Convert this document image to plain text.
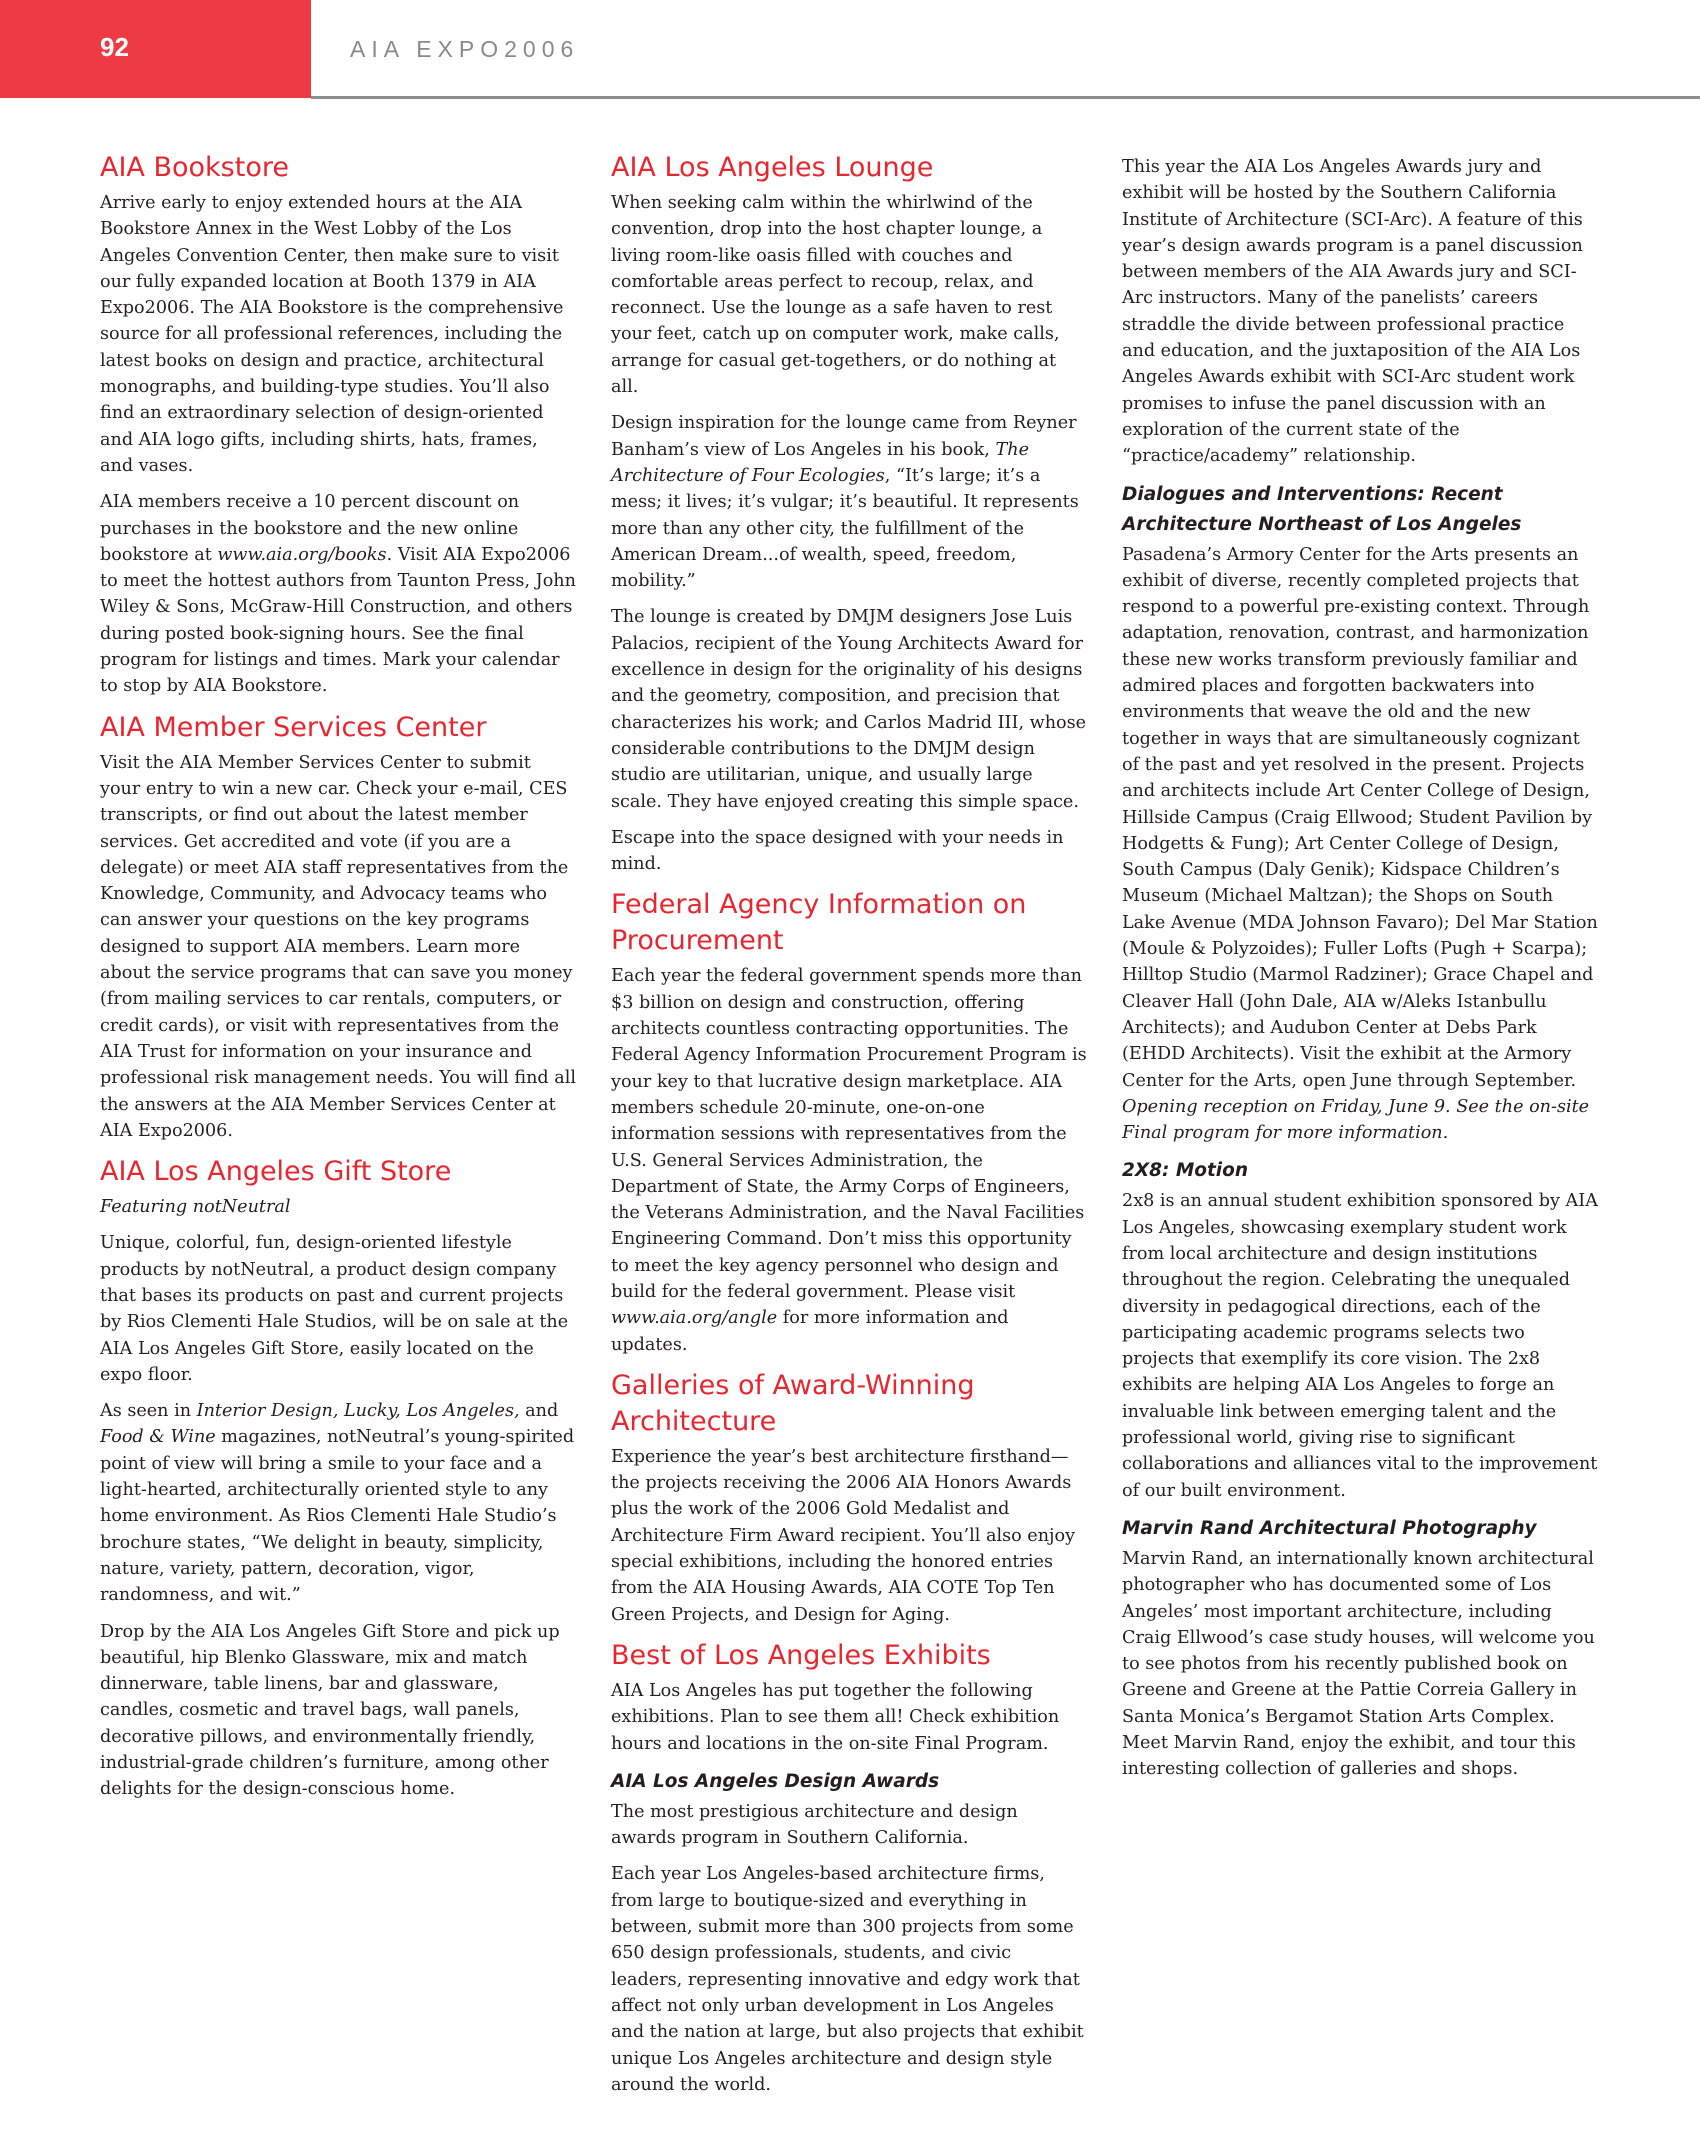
92	AIA EXPO2006
AIA Bookstore

Arrive early to enjoy extended hours at the AIA Bookstore Annex in the West Lobby of the Los Angeles Convention Center, then make sure to visit our fully expanded location at Booth 1379 in AIA Expo2006. The AIA Bookstore is the comprehensive source for all professional references, including the latest books on design and practice, architectural monographs, and building-type studies. You’ll also find an extraordinary selection of design-oriented and AIA logo gifts, including shirts, hats, frames, and vases.

AIA members receive a 10 percent discount on purchases in the bookstore and the new online bookstore at www.aia.org/books. Visit AIA Expo2006 to meet the hottest authors from Taunton Press, John Wiley & Sons, McGraw-Hill Construction, and others during posted book-signing hours. See the final program for listings and times. Mark your calendar to stop by AIA Bookstore.

AIA Member Services Center

Visit the AIA Member Services Center to submit your entry to win a new car. Check your e-mail, CES transcripts, or find out about the latest member services. Get accredited and vote (if you are a delegate) or meet AIA staff representatives from the Knowledge, Community, and Advocacy teams who can answer your questions on the key programs designed to support AIA members. Learn more about the service programs that can save you money (from mailing services to car rentals, computers, or credit cards), or visit with representatives from the AIA Trust for information on your insurance and professional risk management needs. You will find all the answers at the AIA Member Services Center at AIA Expo2006.

AIA Los Angeles Gift Store

Featuring notNeutral

Unique, colorful, fun, design-oriented lifestyle products by notNeutral, a product design company that bases its products on past and current projects by Rios Clementi Hale Studios, will be on sale at the AIA Los Angeles Gift Store, easily located on the expo floor.

As seen in Interior Design, Lucky, Los Angeles, and Food & Wine magazines, notNeutral’s young-spirited point of view will bring a smile to your face and a light-hearted, architecturally oriented style to any home environment. As Rios Clementi Hale Studio’s brochure states, “We delight in beauty, simplicity, nature, variety, pattern, decoration, vigor, randomness, and wit.”

Drop by the AIA Los Angeles Gift Store and pick up beautiful, hip Blenko Glassware, mix and match dinnerware, table linens, bar and glassware, candles, cosmetic and travel bags, wall panels, decorative pillows, and environmentally friendly, industrial-grade children’s furniture, among other delights for the design-conscious home.

AIA Los Angeles Lounge

When seeking calm within the whirlwind of the convention, drop into the host chapter lounge, a living room-like oasis filled with couches and comfortable areas perfect to recoup, relax, and reconnect. Use the lounge as a safe haven to rest your feet, catch up on computer work, make calls, arrange for casual get-togethers, or do nothing at all.

Design inspiration for the lounge came from Reyner Banham’s view of Los Angeles in his book, The Architecture of Four Ecologies, “It’s large; it’s a mess; it lives; it’s vulgar; it’s beautiful. It represents more than any other city, the fulfillment of the American Dream...of wealth, speed, freedom, mobility.”

The lounge is created by DMJM designers Jose Luis Palacios, recipient of the Young Architects Award for excellence in design for the originality of his designs and the geometry, composition, and precision that characterizes his work; and Carlos Madrid III, whose considerable contributions to the DMJM design studio are utilitarian, unique, and usually large scale. They have enjoyed creating this simple space.

Escape into the space designed with your needs in mind.

Federal Agency Information on Procurement

Each year the federal government spends more than $3 billion on design and construction, offering architects countless contracting opportunities. The Federal Agency Information Procurement Program is your key to that lucrative design marketplace. AIA members schedule 20-minute, one-on-one information sessions with representatives from the U.S. General Services Administration, the Department of State, the Army Corps of Engineers, the Veterans Administration, and the Naval Facilities Engineering Command. Don’t miss this opportunity to meet the key agency personnel who design and build for the federal government. Please visit www.aia.org/angle for more information and updates.

Galleries of Award-Winning Architecture

Experience the year’s best architecture firsthand—the projects receiving the 2006 AIA Honors Awards plus the work of the 2006 Gold Medalist and Architecture Firm Award recipient. You’ll also enjoy special exhibitions, including the honored entries from the AIA Housing Awards, AIA COTE Top Ten Green Projects, and Design for Aging.

Best of Los Angeles Exhibits

AIA Los Angeles has put together the following exhibitions. Plan to see them all! Check exhibition hours and locations in the on-site Final Program.

AIA Los Angeles Design Awards

The most prestigious architecture and design awards program in Southern California.

Each year Los Angeles-based architecture firms, from large to boutique-sized and everything in between, submit more than 300 projects from some 650 design professionals, students, and civic leaders, representing innovative and edgy work that affect not only urban development in Los Angeles and the nation at large, but also projects that exhibit unique Los Angeles architecture and design style around the world.

This year the AIA Los Angeles Awards jury and exhibit will be hosted by the Southern California Institute of Architecture (SCI-Arc). A feature of this year’s design awards program is a panel discussion between members of the AIA Awards jury and SCI-Arc instructors. Many of the panelists’ careers straddle the divide between professional practice and education, and the juxtaposition of the AIA Los Angeles Awards exhibit with SCI-Arc student work promises to infuse the panel discussion with an exploration of the current state of the “practice/academy” relationship.

Dialogues and Interventions: Recent Architecture Northeast of Los Angeles

Pasadena’s Armory Center for the Arts presents an exhibit of diverse, recently completed projects that respond to a powerful pre-existing context. Through adaptation, renovation, contrast, and harmonization these new works transform previously familiar and admired places and forgotten backwaters into environments that weave the old and the new together in ways that are simultaneously cognizant of the past and yet resolved in the present. Projects and architects include Art Center College of Design, Hillside Campus (Craig Ellwood; Student Pavilion by Hodgetts & Fung); Art Center College of Design, South Campus (Daly Genik); Kidspace Children’s Museum (Michael Maltzan); the Shops on South Lake Avenue (MDA Johnson Favaro); Del Mar Station (Moule & Polyzoides); Fuller Lofts (Pugh + Scarpa); Hilltop Studio (Marmol Radziner); Grace Chapel and Cleaver Hall (John Dale, AIA w/Aleks Istanbullu Architects); and Audubon Center at Debs Park (EHDD Architects). Visit the exhibit at the Armory Center for the Arts, open June through September. Opening reception on Friday, June 9. See the on-site Final program for more information.

2X8: Motion

2x8 is an annual student exhibition sponsored by AIA Los Angeles, showcasing exemplary student work from local architecture and design institutions throughout the region. Celebrating the unequaled diversity in pedagogical directions, each of the participating academic programs selects two projects that exemplify its core vision. The 2x8 exhibits are helping AIA Los Angeles to forge an invaluable link between emerging talent and the professional world, giving rise to significant collaborations and alliances vital to the improvement of our built environment.

Marvin Rand Architectural Photography

Marvin Rand, an internationally known architectural photographer who has documented some of Los Angeles’ most important architecture, including Craig Ellwood’s case study houses, will welcome you to see photos from his recently published book on Greene and Greene at the Pattie Correia Gallery in Santa Monica’s Bergamot Station Arts Complex. Meet Marvin Rand, enjoy the exhibit, and tour this interesting collection of galleries and shops.
